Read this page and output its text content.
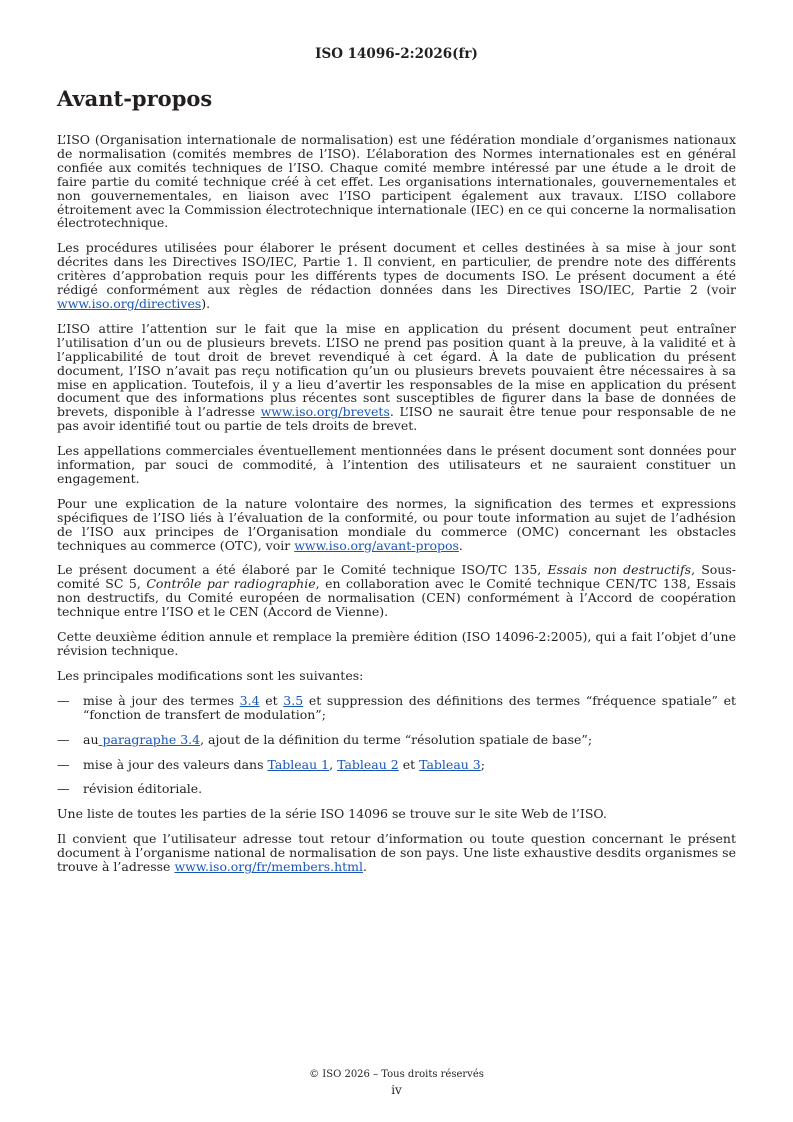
ISO 14096-2:2026(fr)
Avant-propos

L’ISO (Organisation internationale de normalisation) est une fédération mondiale d’organismes nationaux de normalisation (comités membres de l’ISO). L’élaboration des Normes internationales est en général confiée aux comités techniques de l’ISO. Chaque comité membre intéressé par une étude a le droit de faire partie du comité technique créé à cet effet. Les organisations internationales, gouvernementales et non gouvernementales, en liaison avec l’ISO participent également aux travaux. L’ISO collabore étroitement avec la Commission électrotechnique internationale (IEC) en ce qui concerne la normalisation électrotechnique.

Les procédures utilisées pour élaborer le présent document et celles destinées à sa mise à jour sont décrites dans les Directives ISO/IEC, Partie 1. Il convient, en particulier, de prendre note des différents critères d’approbation requis pour les différents types de documents ISO. Le présent document a été rédigé conformément aux règles de rédaction données dans les Directives ISO/IEC, Partie 2 (voir www.iso.org/directives).

L’ISO attire l’attention sur le fait que la mise en application du présent document peut entraîner l’utilisation d’un ou de plusieurs brevets. L’ISO ne prend pas position quant à la preuve, à la validité et à l’applicabilité de tout droit de brevet revendiqué à cet égard. À la date de publication du présent document, l’ISO n’avait pas reçu notification qu’un ou plusieurs brevets pouvaient être nécessaires à sa mise en application. Toutefois, il y a lieu d’avertir les responsables de la mise en application du présent document que des informations plus récentes sont susceptibles de figurer dans la base de données de brevets, disponible à l’adresse www.iso.org/brevets. L’ISO ne saurait être tenue pour responsable de ne pas avoir identifié tout ou partie de tels droits de brevet.

Les appellations commerciales éventuellement mentionnées dans le présent document sont données pour information, par souci de commodité, à l’intention des utilisateurs et ne sauraient constituer un engagement.

Pour une explication de la nature volontaire des normes, la signification des termes et expressions spécifiques de l’ISO liés à l’évaluation de la conformité, ou pour toute information au sujet de l’adhésion de l’ISO aux principes de l’Organisation mondiale du commerce (OMC) concernant les obstacles techniques au commerce (OTC), voir www.iso.org/avant-propos.

Le présent document a été élaboré par le Comité technique ISO/TC 135, Essais non destructifs, Sous-comité SC 5, Contrôle par radiographie, en collaboration avec le Comité technique CEN/TC 138, Essais non destructifs, du Comité européen de normalisation (CEN) conformément à l’Accord de coopération technique entre l’ISO et le CEN (Accord de Vienne).

Cette deuxième édition annule et remplace la première édition (ISO 14096-2:2005), qui a fait l’objet d’une révision technique.

Les principales modifications sont les suivantes:

— mise à jour des termes 3.4 et 3.5 et suppression des définitions des termes “fréquence spatiale” et “fonction de transfert de modulation”;
— au paragraphe 3.4, ajout de la définition du terme “résolution spatiale de base”;
— mise à jour des valeurs dans Tableau 1, Tableau 2 et Tableau 3;
— révision éditoriale.

Une liste de toutes les parties de la série ISO 14096 se trouve sur le site Web de l’ISO.

Il convient que l’utilisateur adresse tout retour d’information ou toute question concernant le présent document à l’organisme national de normalisation de son pays. Une liste exhaustive desdits organismes se trouve à l’adresse www.iso.org/fr/members.html.

© ISO 2026 – Tous droits réservés
iv
